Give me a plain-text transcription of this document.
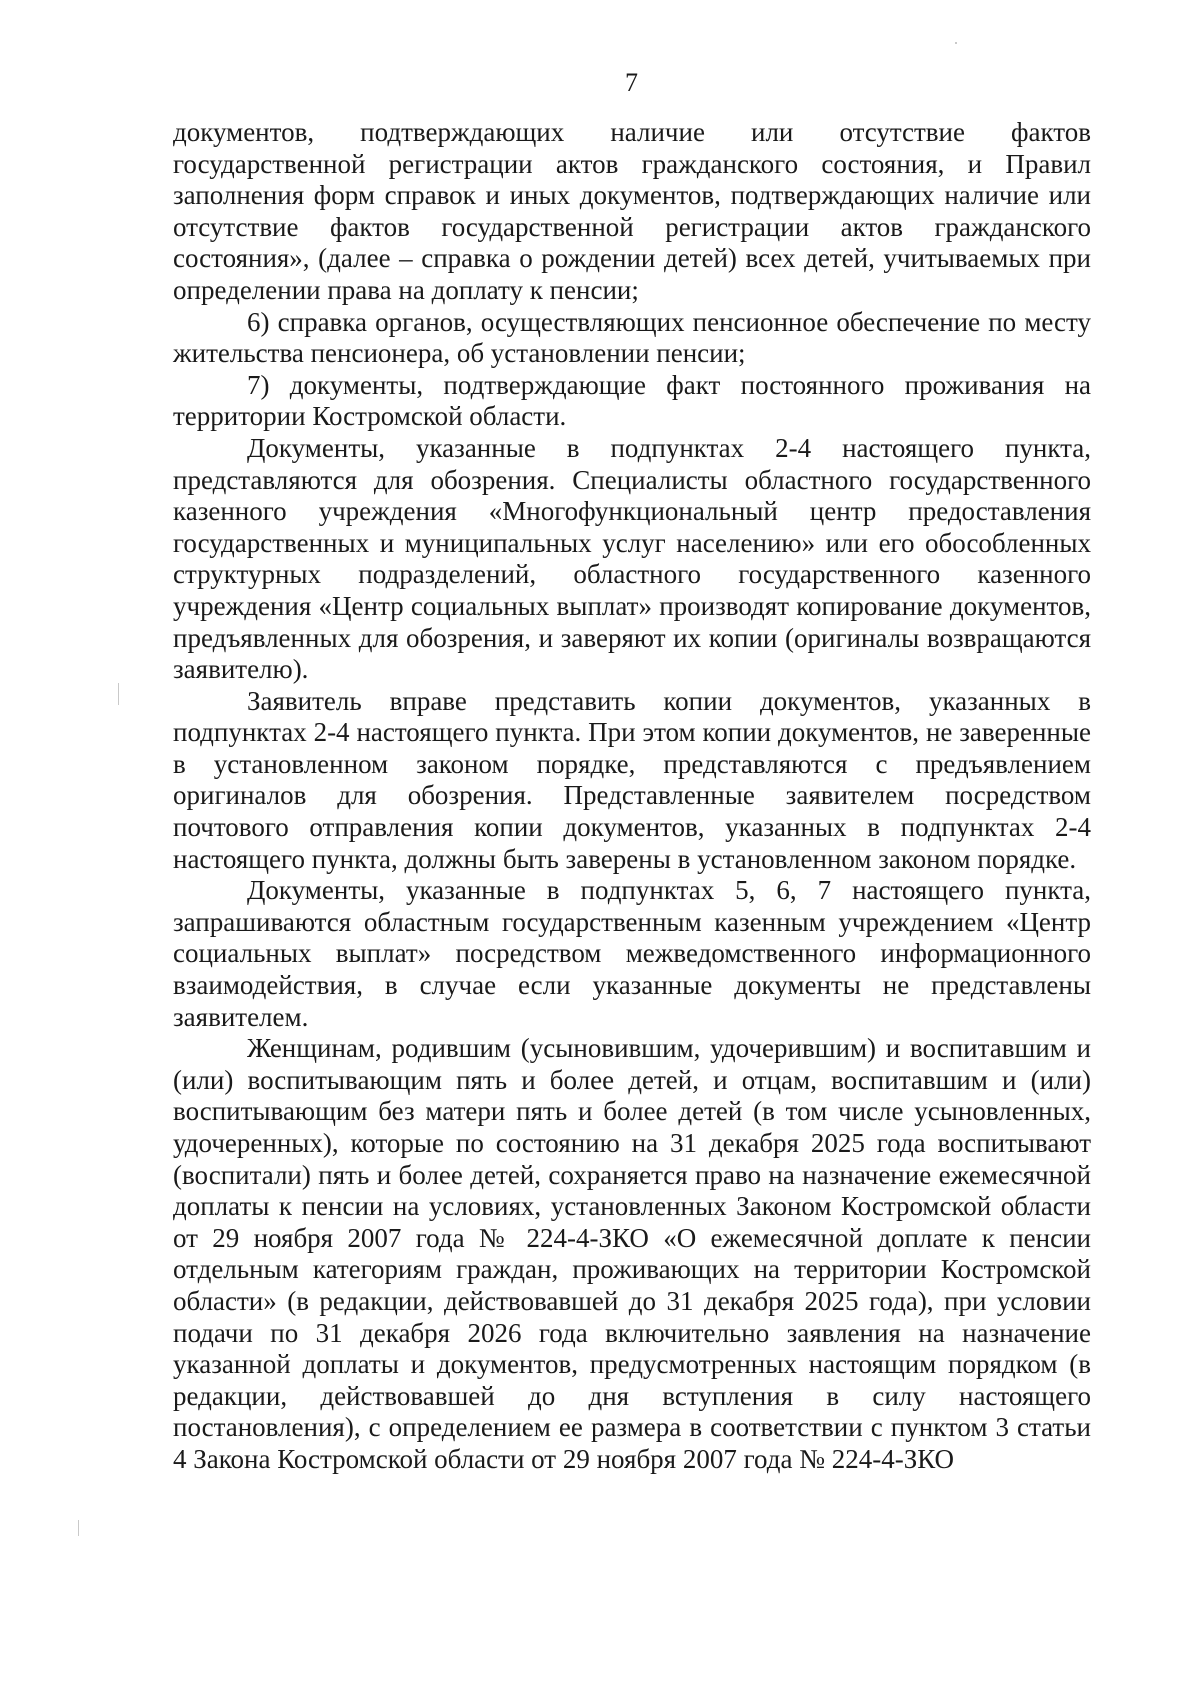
7

документов, подтверждающих наличие или отсутствие фактов государственной регистрации актов гражданского состояния, и Правил заполнения форм справок и иных документов, подтверждающих наличие или отсутствие фактов государственной регистрации актов гражданского состояния», (далее – справка о рождении детей) всех детей, учитываемых при определении права на доплату к пенсии;

6) справка органов, осуществляющих пенсионное обеспечение по месту жительства пенсионера, об установлении пенсии;

7) документы, подтверждающие факт постоянного проживания на территории Костромской области.

Документы, указанные в подпунктах 2-4 настоящего пункта, представляются для обозрения. Специалисты областного государственного казенного учреждения «Многофункциональный центр предоставления государственных и муниципальных услуг населению» или его обособленных структурных подразделений, областного государственного казенного учреждения «Центр социальных выплат» производят копирование документов, предъявленных для обозрения, и заверяют их копии (оригиналы возвращаются заявителю).

Заявитель вправе представить копии документов, указанных в подпунктах 2-4 настоящего пункта. При этом копии документов, не заверенные в установленном законом порядке, представляются с предъявлением оригиналов для обозрения. Представленные заявителем посредством почтового отправления копии документов, указанных в подпунктах 2-4 настоящего пункта, должны быть заверены в установленном законом порядке.

Документы, указанные в подпунктах 5, 6, 7 настоящего пункта, запрашиваются областным государственным казенным учреждением «Центр социальных выплат» посредством межведомственного информационного взаимодействия, в случае если указанные документы не представлены заявителем.

Женщинам, родившим (усыновившим, удочерившим) и воспитавшим и (или) воспитывающим пять и более детей, и отцам, воспитавшим и (или) воспитывающим без матери пять и более детей (в том числе усыновленных, удочеренных), которые по состоянию на 31 декабря 2025 года воспитывают (воспитали) пять и более детей, сохраняется право на назначение ежемесячной доплаты к пенсии на условиях, установленных Законом Костромской области от 29 ноября 2007 года № 224-4-ЗКО «О ежемесячной доплате к пенсии отдельным категориям граждан, проживающих на территории Костромской области» (в редакции, действовавшей до 31 декабря 2025 года), при условии подачи по 31 декабря 2026 года включительно заявления на назначение указанной доплаты и документов, предусмотренных настоящим порядком (в редакции, действовавшей до дня вступления в силу настоящего постановления), с определением ее размера в соответствии с пунктом 3 статьи 4 Закона Костромской области от 29 ноября 2007 года № 224-4-ЗКО
